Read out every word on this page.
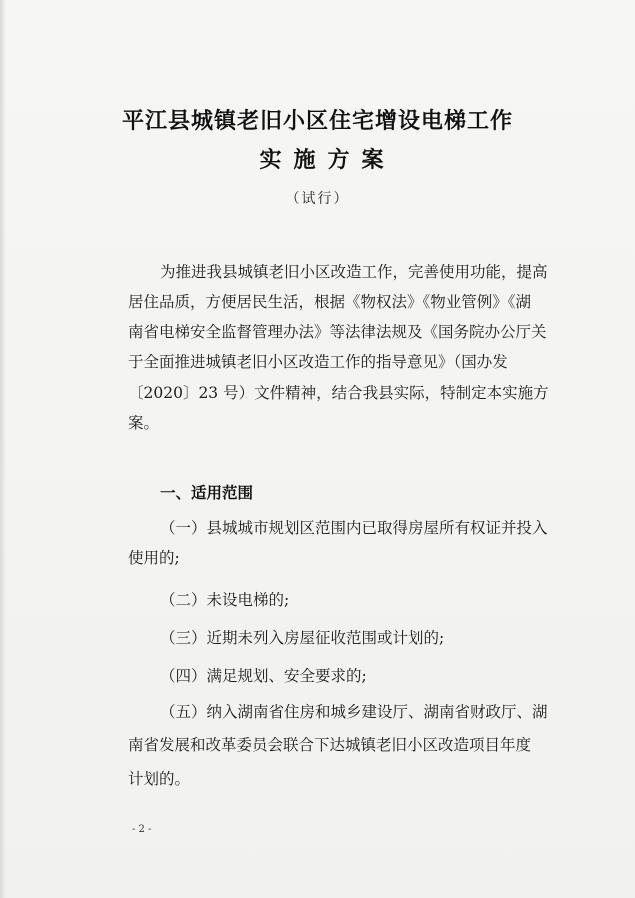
平江县城镇老旧小区住宅增设电梯工作
实施方案
（试行）
为推进我县城镇老旧小区改造工作，完善使用功能，提高
居住品质，方便居民生活，根据《物权法》《物业管例》《湖
南省电梯安全监督管理办法》等法律法规及《国务院办公厅关
于全面推进城镇老旧小区改造工作的指导意见》（国办发
〔2020〕23 号）文件精神，结合我县实际，特制定本实施方
案。
一、适用范围
（一）县城城市规划区范围内已取得房屋所有权证并投入
使用的;
（二）未设电梯的;
（三）近期未列入房屋征收范围或计划的;
（四）满足规划、安全要求的;
（五）纳入湖南省住房和城乡建设厅、湖南省财政厅、湖
南省发展和改革委员会联合下达城镇老旧小区改造项目年度
计划的。
- 2 -
